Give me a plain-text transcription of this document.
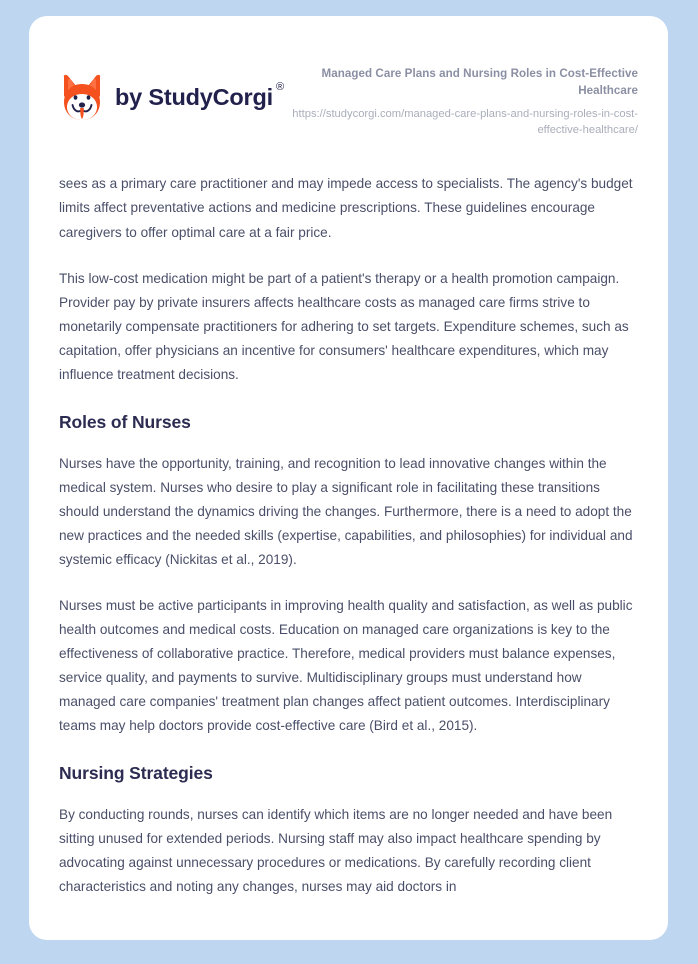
by StudyCorgi ®

Managed Care Plans and Nursing Roles in Cost-Effective Healthcare

https://studycorgi.com/managed-care-plans-and-nursing-roles-in-cost-effective-healthcare/

sees as a primary care practitioner and may impede access to specialists. The agency's budget limits affect preventative actions and medicine prescriptions. These guidelines encourage caregivers to offer optimal care at a fair price.

This low-cost medication might be part of a patient's therapy or a health promotion campaign. Provider pay by private insurers affects healthcare costs as managed care firms strive to monetarily compensate practitioners for adhering to set targets. Expenditure schemes, such as capitation, offer physicians an incentive for consumers' healthcare expenditures, which may influence treatment decisions.

Roles of Nurses

Nurses have the opportunity, training, and recognition to lead innovative changes within the medical system. Nurses who desire to play a significant role in facilitating these transitions should understand the dynamics driving the changes. Furthermore, there is a need to adopt the new practices and the needed skills (expertise, capabilities, and philosophies) for individual and systemic efficacy (Nickitas et al., 2019).

Nurses must be active participants in improving health quality and satisfaction, as well as public health outcomes and medical costs. Education on managed care organizations is key to the effectiveness of collaborative practice. Therefore, medical providers must balance expenses, service quality, and payments to survive. Multidisciplinary groups must understand how managed care companies' treatment plan changes affect patient outcomes. Interdisciplinary teams may help doctors provide cost-effective care (Bird et al., 2015).

Nursing Strategies

By conducting rounds, nurses can identify which items are no longer needed and have been sitting unused for extended periods. Nursing staff may also impact healthcare spending by advocating against unnecessary procedures or medications. By carefully recording client characteristics and noting any changes, nurses may aid doctors in
